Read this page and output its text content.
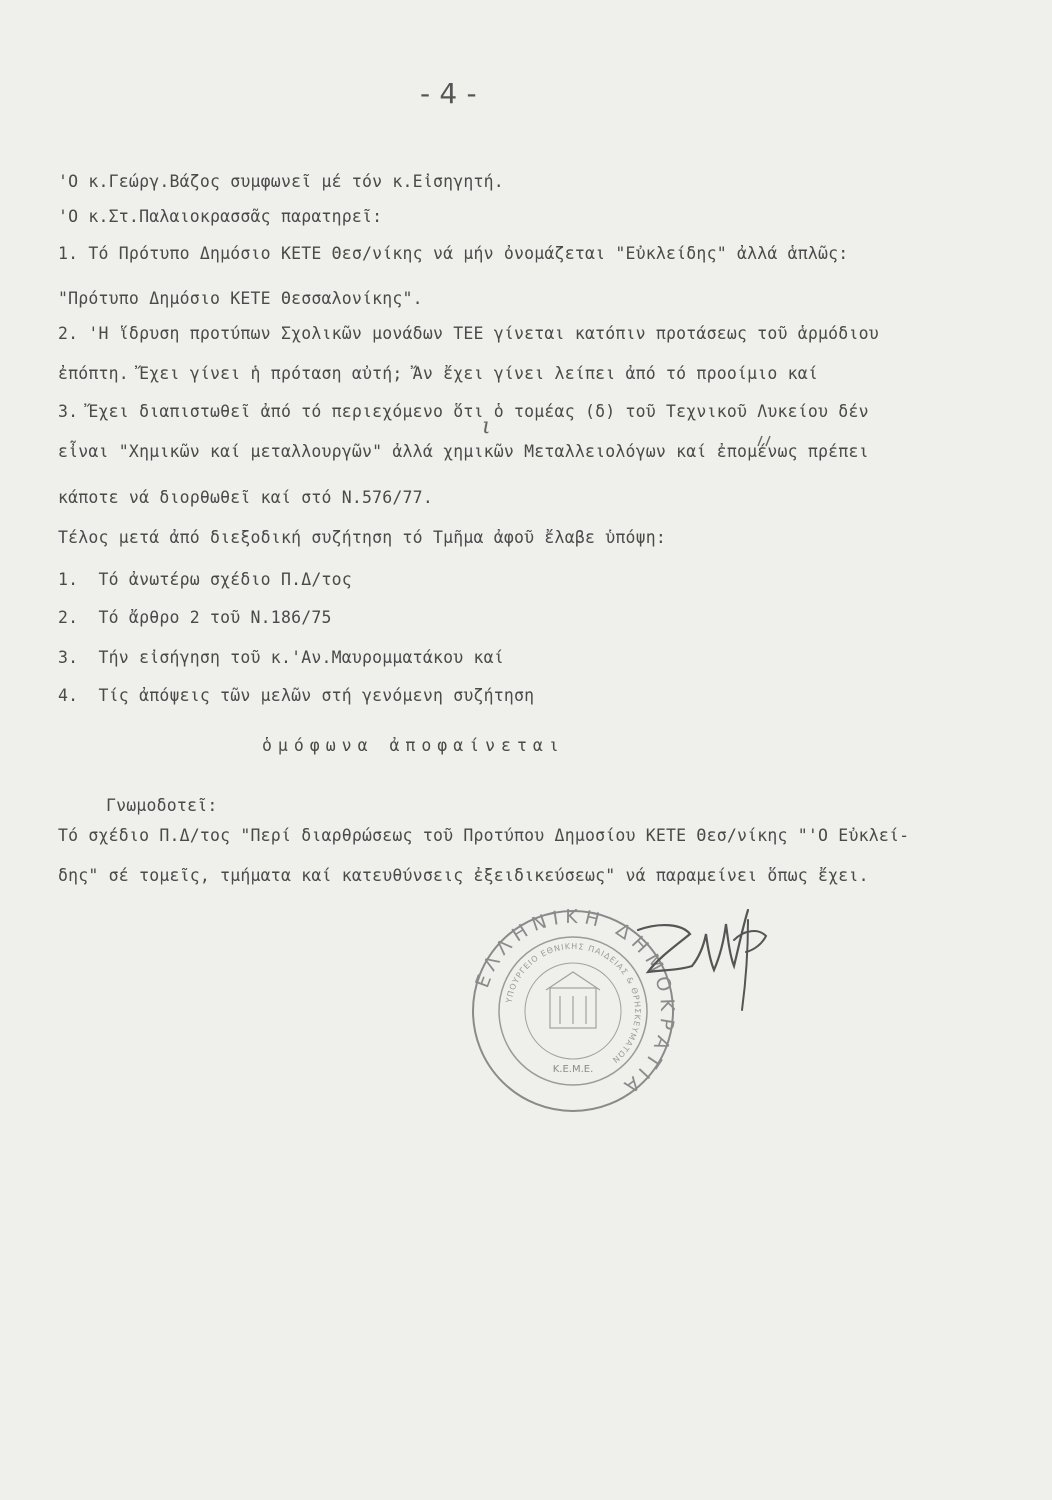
- 4 -
'Ο κ.Γεώργ.Βάζος συμφωνεῖ μέ τόν κ.Εἰσηγητή.
'Ο κ.Στ.Παλαιοκρασσᾶς παρατηρεῖ:
1. Τό Πρότυπο Δημόσιο ΚΕΤΕ Θεσ/νίκης νά μήν ὀνομάζεται "Εὐκλείδης" ἀλλά ἁπλῶς:
"Πρότυπο Δημόσιο ΚΕΤΕ Θεσσαλονίκης".
2. 'Η ἵδρυση προτύπων Σχολικῶν μονάδων ΤΕΕ γίνεται κατόπιν προτάσεως τοῦ ἁρμόδιου
ἐπόπτη. Ἔχει γίνει ἡ πρόταση αὐτή; Ἄν ἔχει γίνει λείπει ἀπό τό προοίμιο καί
3. Ἔχει διαπιστωθεῖ ἀπό τό περιεχόμενο ὅτι ὁ τομέας (δ) τοῦ Τεχνικοῦ Λυκείου δέν
ι
εἶναι "Χημικῶν καί μεταλλουργῶν" ἀλλά χημικῶν Μεταλλειολόγων καί ἐπομένως πρέπει
κάποτε νά διορθωθεῖ καί στό Ν.576/77.
Τέλος μετά ἀπό διεξοδική συζήτηση τό Τμῆμα ἀφοῦ ἔλαβε ὑπόψη:
1.  Τό ἀνωτέρω σχέδιο Π.Δ/τος
2.  Τό ἄρθρο 2 τοῦ Ν.186/75
3.  Τήν εἰσήγηση τοῦ κ.'Αν.Μαυρομματάκου καί
4.  Τίς ἀπόψεις τῶν μελῶν στή γενόμενη συζήτηση
ὁμόφωνα ἀποφαίνεται
Γνωμοδοτεῖ:
Τό σχέδιο Π.Δ/τος "Περί διαρθρώσεως τοῦ Προτύπου Δημοσίου ΚΕΤΕ Θεσ/νίκης "'Ο Εὐκλεί-
δης" σέ τομεῖς, τμήματα καί κατευθύνσεις ἐξειδικεύσεως" νά παραμείνει ὅπως ἔχει.
ΕΛΛΗΝΙΚΗ ΔΗΜΟΚΡΑΤΙΑ
ΥΠΟΥΡΓΕΙΟ ΕΘΝΙΚΗΣ ΠΑΙΔΕΙΑΣ & ΘΡΗΣΚΕΥΜΑΤΩΝ
Κ.Ε.Μ.Ε.
